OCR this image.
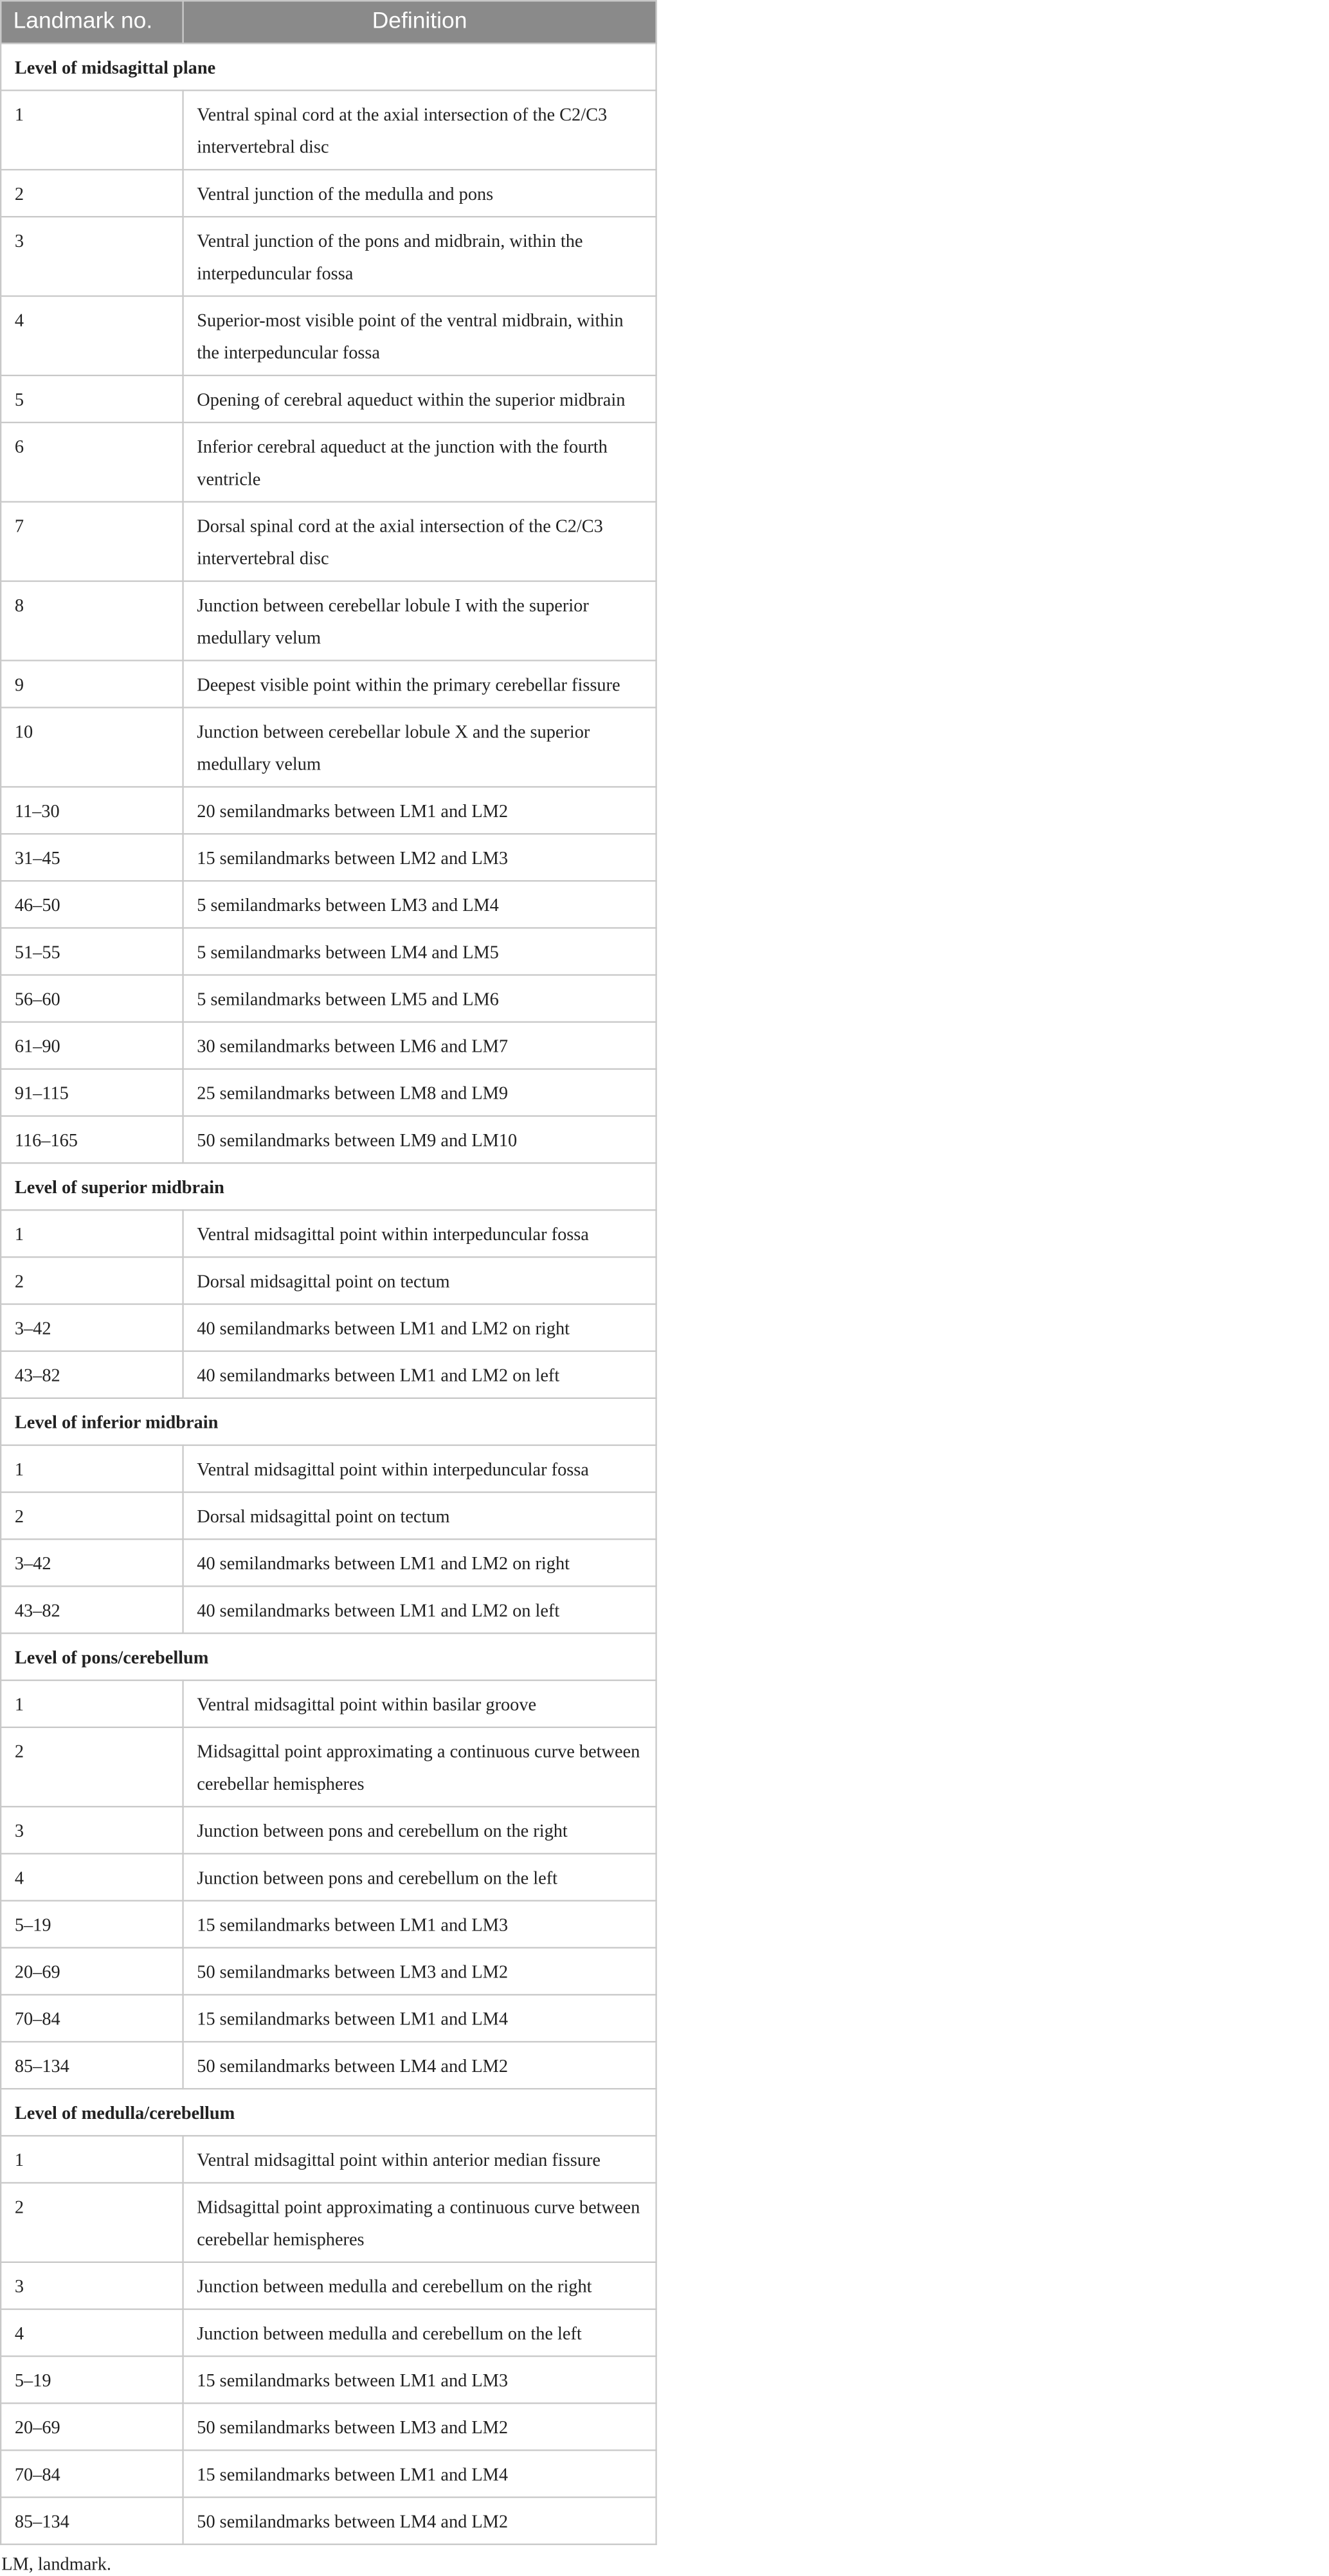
Landmark no.	Definition
Level of midsagittal plane	
1	Ventral spinal cord at the axial intersection of the C2/C3 intervertebral disc
2	Ventral junction of the medulla and pons
3	Ventral junction of the pons and midbrain, within the interpeduncular fossa
4	Superior-most visible point of the ventral midbrain, within the interpeduncular fossa
5	Opening of cerebral aqueduct within the superior midbrain
6	Inferior cerebral aqueduct at the junction with the fourth ventricle
7	Dorsal spinal cord at the axial intersection of the C2/C3 intervertebral disc
8	Junction between cerebellar lobule I with the superior medullary velum
9	Deepest visible point within the primary cerebellar fissure
10	Junction between cerebellar lobule X and the superior medullary velum
11–30	20 semilandmarks between LM1 and LM2
31–45	15 semilandmarks between LM2 and LM3
46–50	5 semilandmarks between LM3 and LM4
51–55	5 semilandmarks between LM4 and LM5
56–60	5 semilandmarks between LM5 and LM6
61–90	30 semilandmarks between LM6 and LM7
91–115	25 semilandmarks between LM8 and LM9
116–165	50 semilandmarks between LM9 and LM10
Level of superior midbrain	
1	Ventral midsagittal point within interpeduncular fossa
2	Dorsal midsagittal point on tectum
3–42	40 semilandmarks between LM1 and LM2 on right
43–82	40 semilandmarks between LM1 and LM2 on left
Level of inferior midbrain	
1	Ventral midsagittal point within interpeduncular fossa
2	Dorsal midsagittal point on tectum
3–42	40 semilandmarks between LM1 and LM2 on right
43–82	40 semilandmarks between LM1 and LM2 on left
Level of pons/cerebellum	
1	Ventral midsagittal point within basilar groove
2	Midsagittal point approximating a continuous curve between cerebellar hemispheres
3	Junction between pons and cerebellum on the right
4	Junction between pons and cerebellum on the left
5–19	15 semilandmarks between LM1 and LM3
20–69	50 semilandmarks between LM3 and LM2
70–84	15 semilandmarks between LM1 and LM4
85–134	50 semilandmarks between LM4 and LM2
Level of medulla/cerebellum	
1	Ventral midsagittal point within anterior median fissure
2	Midsagittal point approximating a continuous curve between cerebellar hemispheres
3	Junction between medulla and cerebellum on the right
4	Junction between medulla and cerebellum on the left
5–19	15 semilandmarks between LM1 and LM3
20–69	50 semilandmarks between LM3 and LM2
70–84	15 semilandmarks between LM1 and LM4
85–134	50 semilandmarks between LM4 and LM2
LM, landmark.
